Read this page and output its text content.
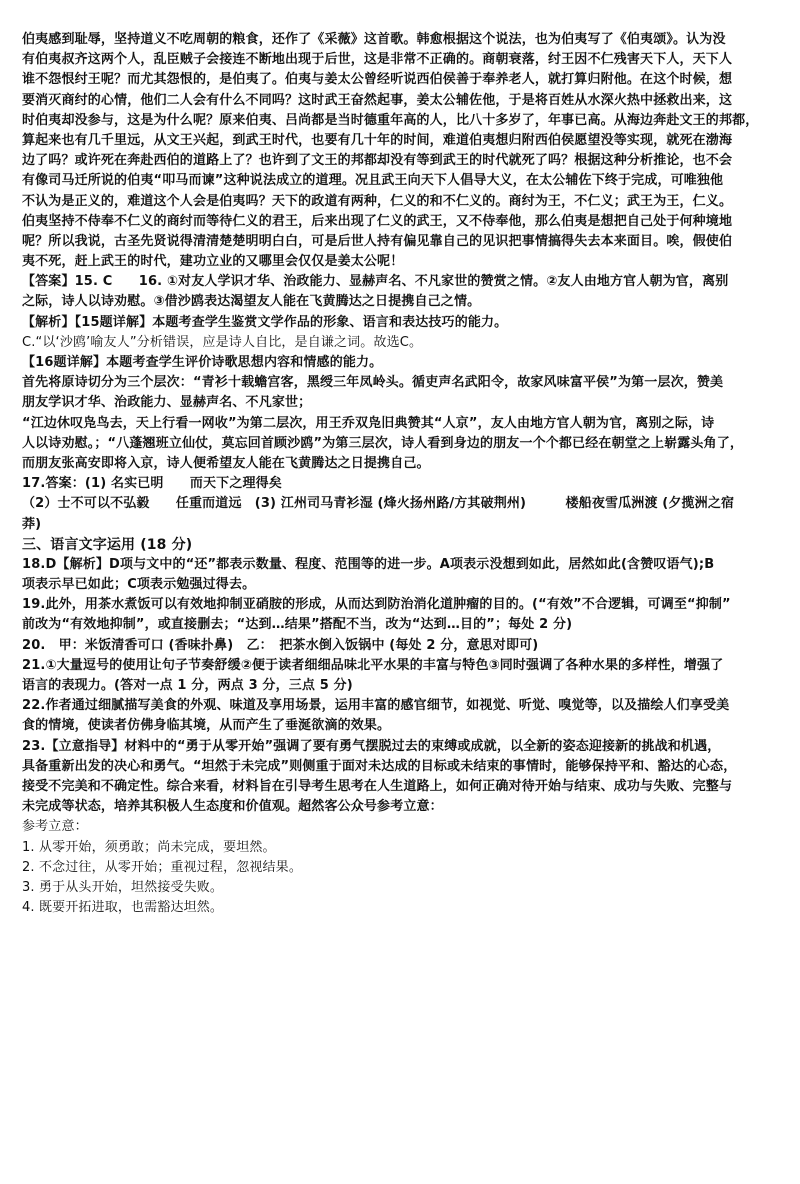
伯夷感到耻辱，坚持道义不吃周朝的粮食，还作了《采薇》这首歌。韩愈根据这个说法，也为伯夷写了《伯夷颂》。认为没
有伯夷叔齐这两个人，乱臣贼子会接连不断地出现于后世，这是非常不正确的。商朝衰落，纣王因不仁残害天下人，天下人
谁不怨恨纣王呢？而尤其怨恨的，是伯夷了。伯夷与姜太公曾经听说西伯侯善于奉养老人，就打算归附他。在这个时候，想
要消灭商纣的心情，他们二人会有什么不同吗？这时武王奋然起事，姜太公辅佐他，于是将百姓从水深火热中拯救出来，这
时伯夷却没参与，这是为什么呢？原来伯夷、吕尚都是当时德重年高的人，比八十多岁了，年事已高。从海边奔赴文王的邦都，
算起来也有几千里远，从文王兴起，到武王时代，也要有几十年的时间，难道伯夷想归附西伯侯愿望没等实现，就死在渤海
边了吗？或许死在奔赴西伯的道路上了？也许到了文王的邦都却没有等到武王的时代就死了吗？根据这种分析推论，也不会
有像司马迁所说的伯夷“叩马而谏”这种说法成立的道理。况且武王向天下人倡导大义，在太公辅佐下终于完成，可唯独他
不认为是正义的，难道这个人会是伯夷吗？天下的政道有两种，仁义的和不仁义的。商纣为王，不仁义；武王为王，仁义。
伯夷坚持不侍奉不仁义的商纣而等待仁义的君王，后来出现了仁义的武王，又不侍奉他，那么伯夷是想把自己处于何种境地
呢？所以我说，古圣先贤说得清清楚楚明明白白，可是后世人持有偏见靠自己的见识把事情搞得失去本来面目。唉，假使伯
夷不死，赶上武王的时代，建功立业的又哪里会仅仅是姜太公呢！
【答案】15. C　　16. ①对友人学识才华、治政能力、显赫声名、不凡家世的赞赏之情。②友人由地方官人朝为官，离别
之际，诗人以诗劝慰。③借沙鸥表达渴望友人能在飞黄腾达之日提携自己之情。
【解析】【15题详解】本题考查学生鉴赏文学作品的形象、语言和表达技巧的能力。
C.“以‘沙鸥’喻友人”分析错误，应是诗人自比，是自谦之词。故选C。
【16题详解】本题考查学生评价诗歌思想内容和情感的能力。
首先将原诗切分为三个层次：“青衫十载蟾宫客，黑绶三年凤岭头。循吏声名武阳令，故家风味富平侯”为第一层次，赞美
朋友学识才华、治政能力、显赫声名、不凡家世；
“江边休叹凫鸟去，天上行看一网收”为第二层次，用王乔双凫旧典赞其“人京”，友人由地方官人朝为官，离别之际，诗
人以诗劝慰。；“八蓬翘班立仙仗，莫忘回首顾沙鸥”为第三层次，诗人看到身边的朋友一个个都已经在朝堂之上崭露头角了，
而朋友张高安即将入京，诗人便希望友人能在飞黄腾达之日提携自己。
17.答案：(1) 名实已明　　而天下之理得矣
（2）士不可以不弘毅　　任重而道远　(3) 江州司马青衫湿 (烽火扬州路/方其破荆州)　　　楼船夜雪瓜洲渡 (夕揽洲之宿
莽)
三、语言文字运用 (18 分)
18.D【解析】D项与文中的“还”都表示数量、程度、范围等的进一步。A项表示没想到如此，居然如此(含赞叹语气);B
项表示早已如此；C项表示勉强过得去。
19.此外，用茶水煮饭可以有效地抑制亚硝胺的形成，从而达到防治消化道肿瘤的目的。(“有效”不合逻辑，可调至“抑制”
前改为“有效地抑制”，或直接删去；“达到…结果”搭配不当，改为“达到…目的”；每处 2 分)
20.　甲：米饭清香可口 (香味扑鼻)　乙：　把茶水倒入饭锅中 (每处 2 分，意思对即可)
21.①大量逗号的使用让句子节奏舒缓②便于读者细细品味北平水果的丰富与特色③同时强调了各种水果的多样性，增强了
语言的表现力。(答对一点 1 分，两点 3 分，三点 5 分)
22.作者通过细腻描写美食的外观、味道及享用场景，运用丰富的感官细节，如视觉、听觉、嗅觉等，以及描绘人们享受美
食的情境，使读者仿佛身临其境，从而产生了垂涎欲滴的效果。
23.【立意指导】材料中的“勇于从零开始”强调了要有勇气摆脱过去的束缚或成就，以全新的姿态迎接新的挑战和机遇，
具备重新出发的决心和勇气。“坦然于未完成”则侧重于面对未达成的目标或未结束的事情时，能够保持平和、豁达的心态，
接受不完美和不确定性。综合来看，材料旨在引导考生思考在人生道路上，如何正确对待开始与结束、成功与失败、完整与
未完成等状态，培养其积极人生态度和价值观。超然客公众号参考立意：
参考立意：
1. 从零开始，须勇敢；尚未完成，要坦然。
2. 不念过往，从零开始；重视过程，忽视结果。
3. 勇于从头开始，坦然接受失败。
4. 既要开拓进取，也需豁达坦然。
